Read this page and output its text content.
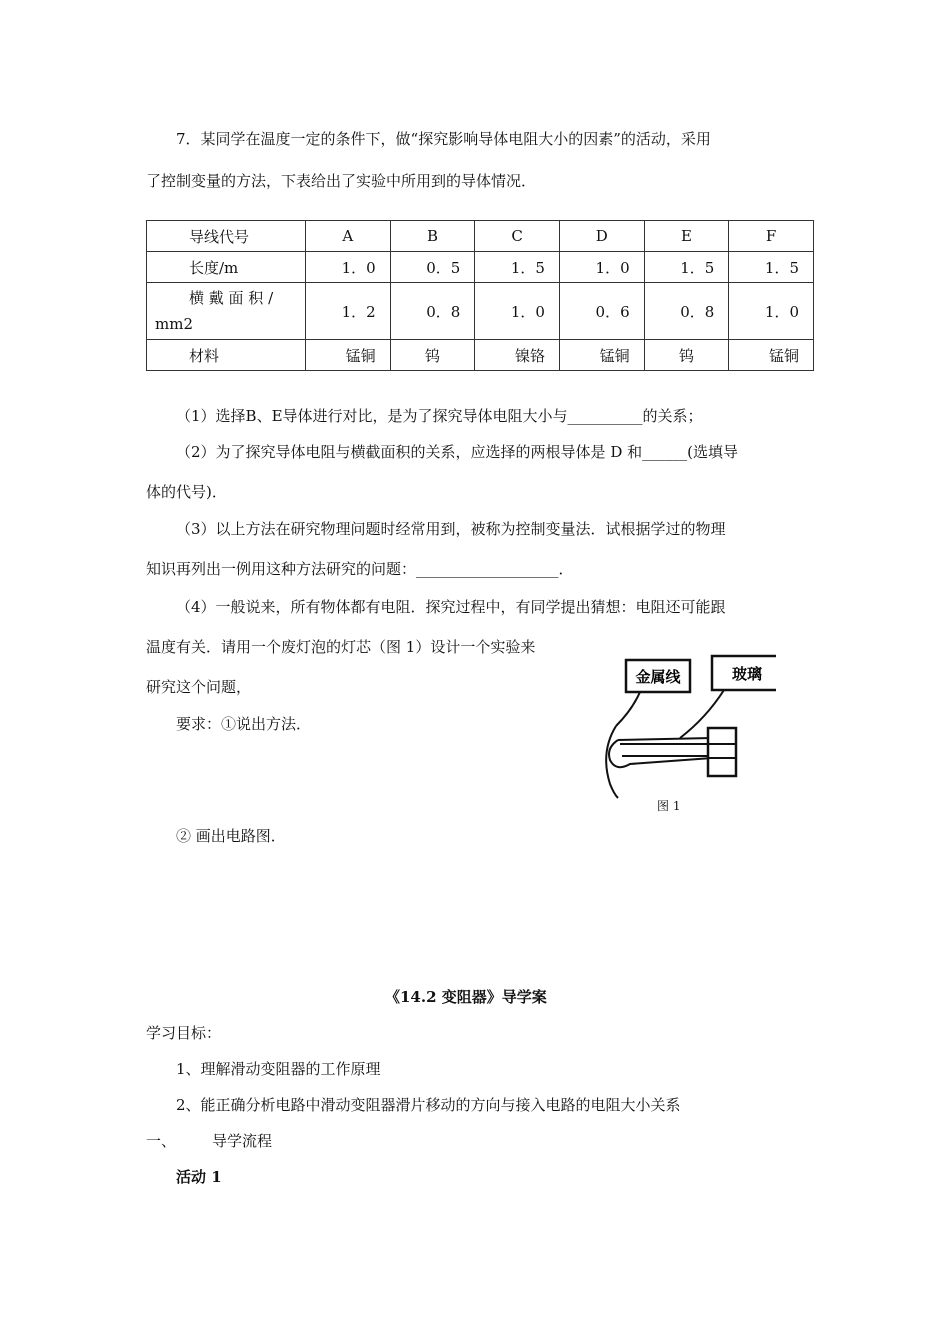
7．某同学在温度一定的条件下，做“探究影响导体电阻大小的因素”的活动，采用
了控制变量的方法，下表给出了实验中所用到的导体情况．
导线代号	A	B	C	D	E	F
长度/m	1．0	0．5	1．5	1．0	1．5	1．5

横 戴 面 积 /
mm2	1．2	0．8	1．0	0．6	0．8	1．0
材料	锰铜	钨	镍铬	锰铜	钨	锰铜
（1）选择B、E导体进行对比，是为了探究导体电阻大小与__________的关系；
（2）为了探究导体电阻与横截面积的关系，应选择的两根导体是 D 和______(选填导
体的代号)．
（3）以上方法在研究物理问题时经常用到，被称为控制变量法．试根据学过的物理
知识再列出一例用这种方法研究的问题：___________________．
（4）一般说来，所有物体都有电阻．探究过程中，有同学提出猜想：电阻还可能跟
温度有关．请用一个废灯泡的灯芯（图 1）设计一个实验来
研究这个问题，
要求：①说出方法．
② 画出电路图．
金属线	玻璃
图 1
《14.2 变阻器》导学案
学习目标：
1、理解滑动变阻器的工作原理
2、能正确分析电路中滑动变阻器滑片移动的方向与接入电路的电阻大小关系
一、 导学流程
活动 1
